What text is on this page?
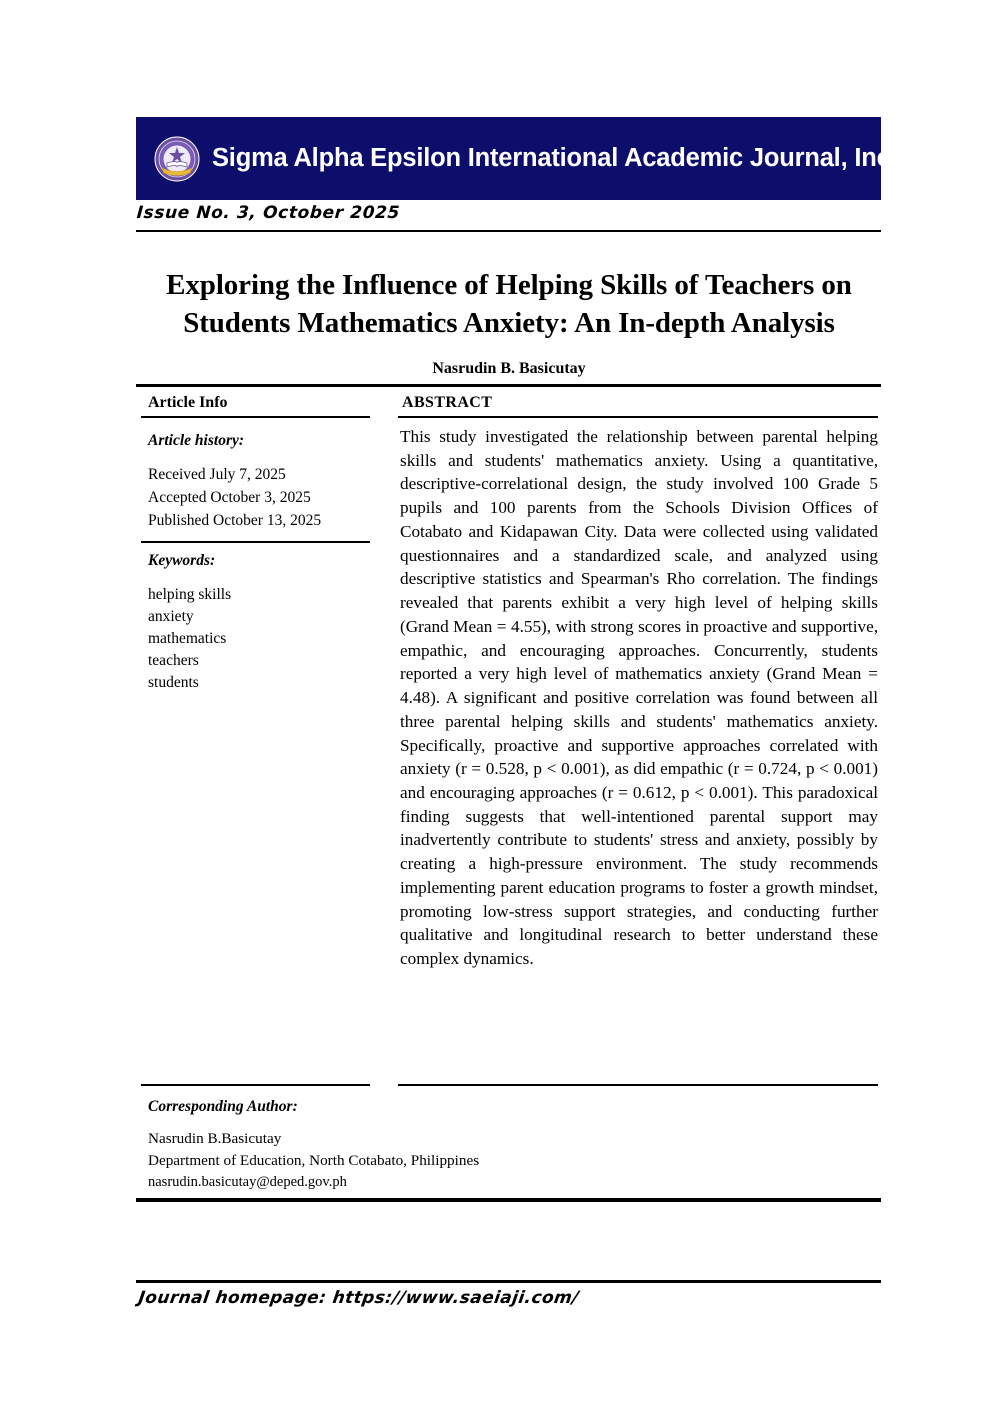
Sigma Alpha Epsilon International Academic Journal, Inc.
Issue No. 3, October 2025
Exploring the Influence of Helping Skills of Teachers on Students Mathematics Anxiety: An In-depth Analysis
Nasrudin B. Basicutay
Article Info	ABSTRACT
Article history:
Received July 7, 2025
Accepted October 3, 2025
Published October 13, 2025
Keywords:
helping skills
anxiety
mathematics
teachers
students
This study investigated the relationship between parental helping skills and students' mathematics anxiety. Using a quantitative, descriptive-correlational design, the study involved 100 Grade 5 pupils and 100 parents from the Schools Division Offices of Cotabato and Kidapawan City. Data were collected using validated questionnaires and a standardized scale, and analyzed using descriptive statistics and Spearman's Rho correlation. The findings revealed that parents exhibit a very high level of helping skills (Grand Mean = 4.55), with strong scores in proactive and supportive, empathic, and encouraging approaches. Concurrently, students reported a very high level of mathematics anxiety (Grand Mean = 4.48). A significant and positive correlation was found between all three parental helping skills and students' mathematics anxiety. Specifically, proactive and supportive approaches correlated with anxiety (r = 0.528, p < 0.001), as did empathic (r = 0.724, p < 0.001) and encouraging approaches (r = 0.612, p < 0.001). This paradoxical finding suggests that well-intentioned parental support may inadvertently contribute to students' stress and anxiety, possibly by creating a high-pressure environment. The study recommends implementing parent education programs to foster a growth mindset, promoting low-stress support strategies, and conducting further qualitative and longitudinal research to better understand these complex dynamics.
Corresponding Author:
Nasrudin B.Basicutay
Department of Education, North Cotabato, Philippines
nasrudin.basicutay@deped.gov.ph
Journal homepage: https://www.saeiaji.com/
